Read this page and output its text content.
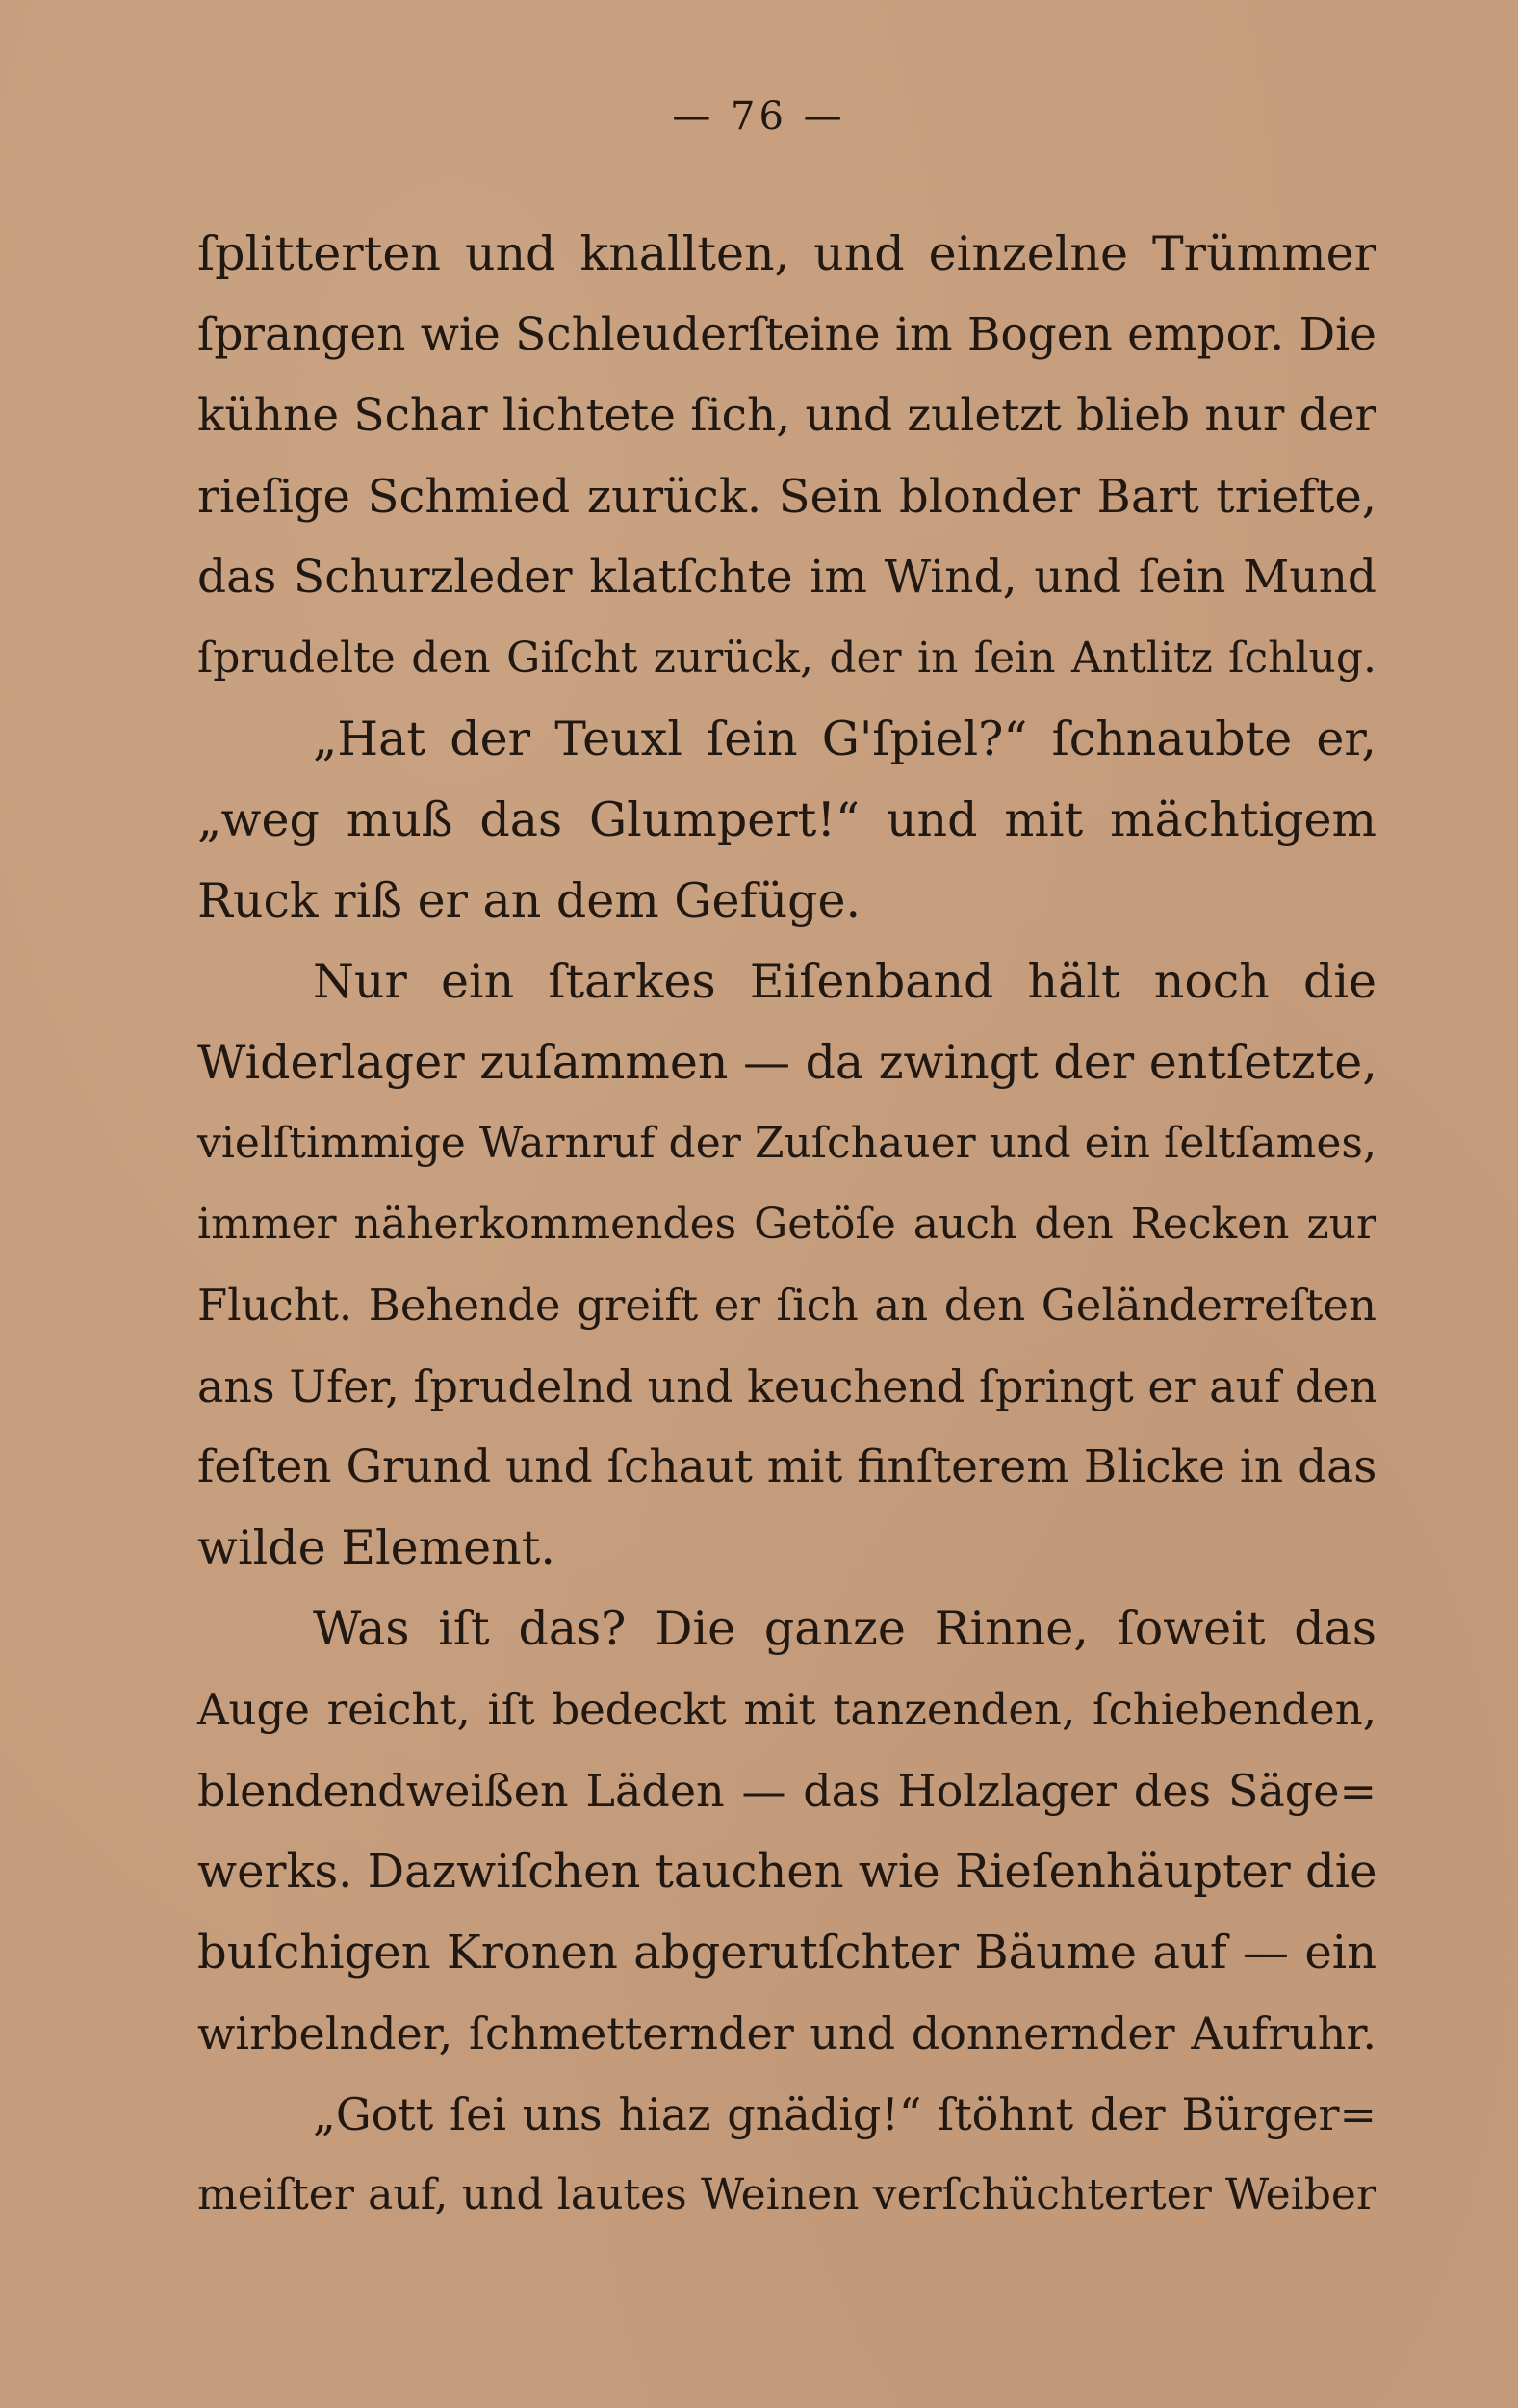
— 76 —
ſplitterten und knallten, und einzelne Trümmer
ſprangen wie Schleuderſteine im Bogen empor. Die
kühne Schar lichtete ſich, und zuletzt blieb nur der
rieſige Schmied zurück. Sein blonder Bart triefte,
das Schurzleder klatſchte im Wind, und ſein Mund
ſprudelte den Giſcht zurück, der in ſein Antlitz ſchlug.
„Hat der Teuxl ſein G'ſpiel?“ ſchnaubte er,
„weg muß das Glumpert!“ und mit mächtigem
Ruck riß er an dem Gefüge.
Nur ein ſtarkes Eiſenband hält noch die
Widerlager zuſammen — da zwingt der entſetzte,
vielſtimmige Warnruf der Zuſchauer und ein ſeltſames,
immer näherkommendes Getöſe auch den Recken zur
Flucht. Behende greift er ſich an den Geländerreſten
ans Ufer, ſprudelnd und keuchend ſpringt er auf den
feſten Grund und ſchaut mit finſterem Blicke in das
wilde Element.
Was iſt das? Die ganze Rinne, ſoweit das
Auge reicht, iſt bedeckt mit tanzenden, ſchiebenden,
blendendweißen Läden — das Holzlager des Säge=
werks. Dazwiſchen tauchen wie Rieſenhäupter die
buſchigen Kronen abgerutſchter Bäume auf — ein
wirbelnder, ſchmetternder und donnernder Aufruhr.
„Gott ſei uns hiaz gnädig!“ ſtöhnt der Bürger=
meiſter auf, und lautes Weinen verſchüchterter Weiber
